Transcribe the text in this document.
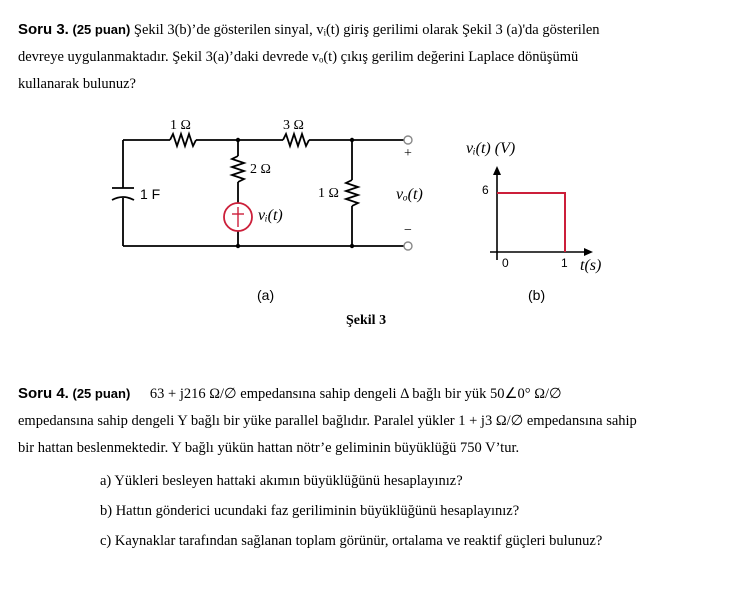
Soru 3. (25 puan) Şekil 3(b)’de gösterilen sinyal, vᵢ(t) giriş gerilimi olarak Şekil 3 (a)'da gösterilen
devreye uygulanmaktadır. Şekil 3(a)’daki devrede vₒ(t) çıkış gerilim değerini Laplace dönüşümü
kullanarak bulunuz?
1 Ω	3 Ω
2 Ω
1 Ω
1 F
vᵢ(t)
vₒ(t)
+
−
(a)
vᵢ(t) (V)
6
0	1 t(s)
(b)
Şekil 3
Soru 4. (25 puan) 63 + j216 Ω/∅ empedansına sahip dengeli Δ bağlı bir yük 50∠0° Ω/∅
empedansına sahip dengeli Y bağlı bir yüke parallel bağlıdır. Paralel yükler 1 + j3 Ω/∅ empedansına sahip
bir hattan beslenmektedir. Y bağlı yükün hattan nötr’e geliminin büyüklüğü 750 V’tur.
a) Yükleri besleyen hattaki akımın büyüklüğünü hesaplayınız?
b) Hattın gönderici ucundaki faz geriliminin büyüklüğünü hesaplayınız?
c) Kaynaklar tarafından sağlanan toplam görünür, ortalama ve reaktif güçleri bulunuz?
